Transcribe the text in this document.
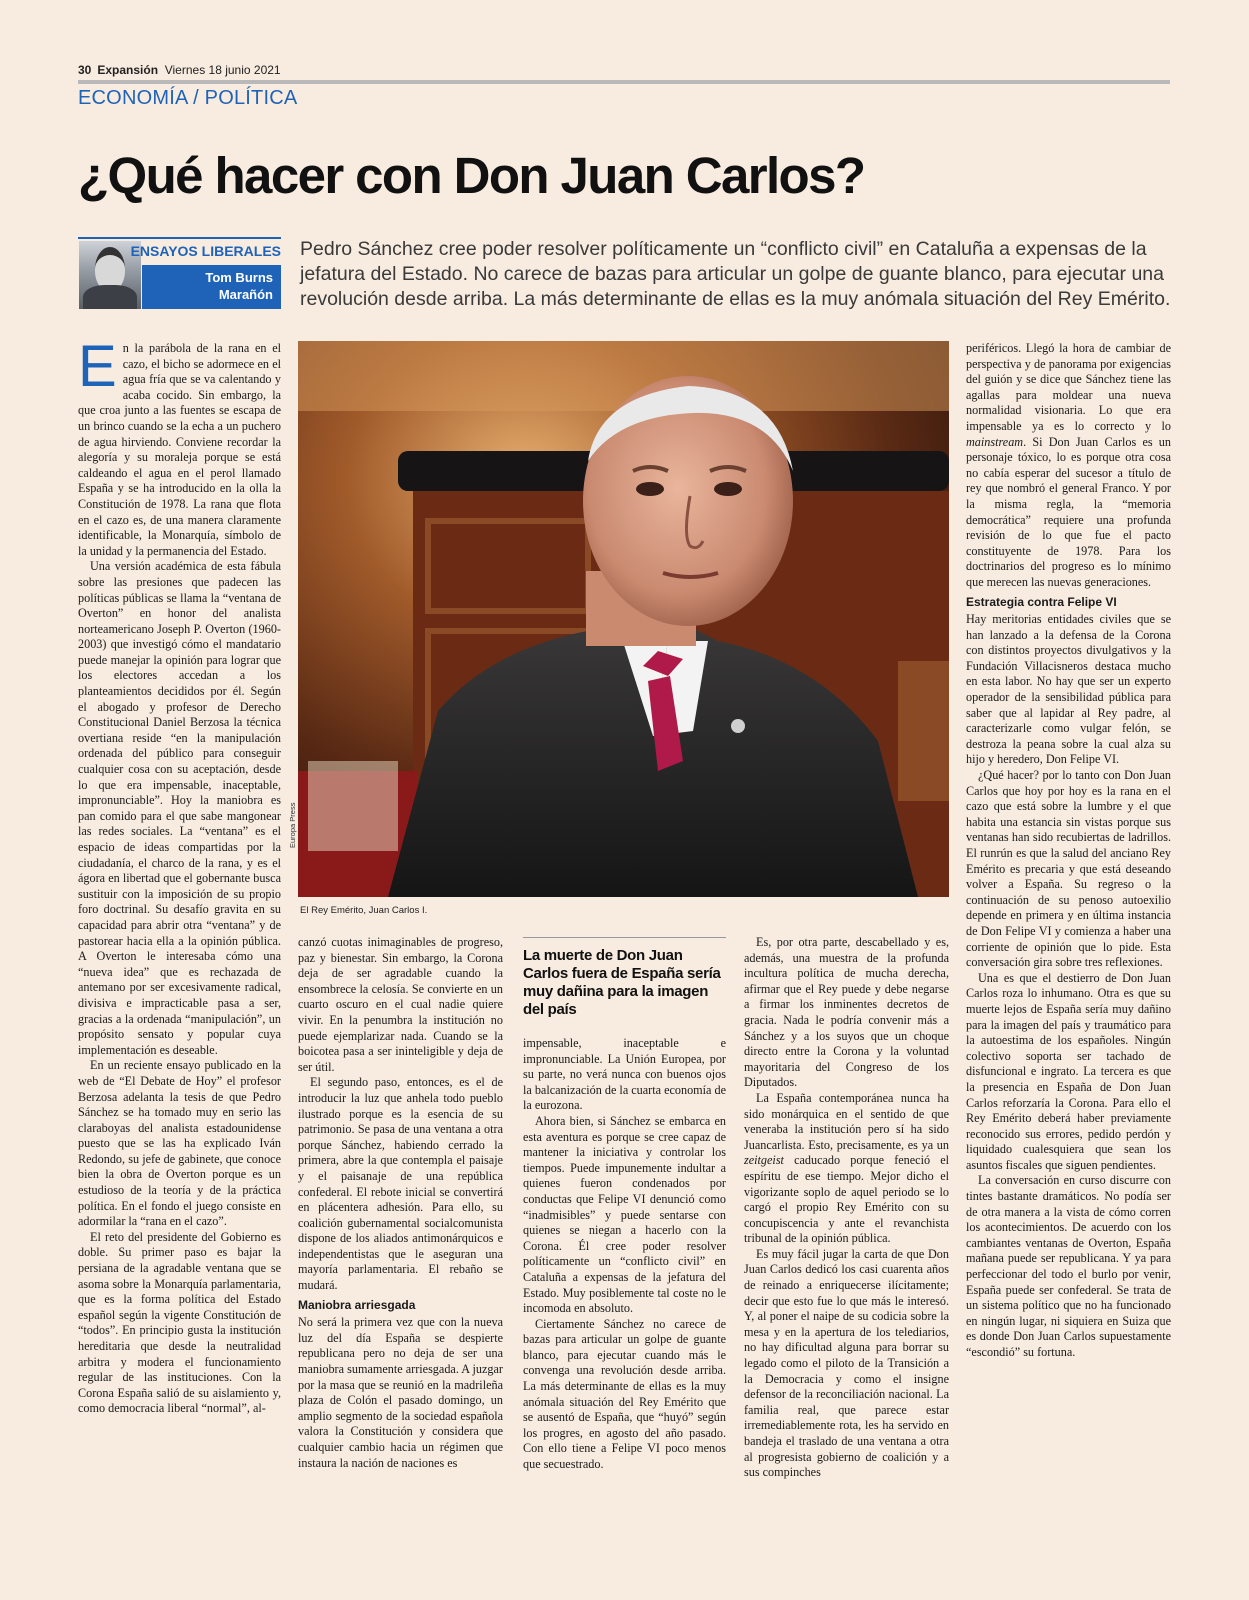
30 Expansión Viernes 18 junio 2021
ECONOMÍA / POLÍTICA
¿Qué hacer con Don Juan Carlos?
ENSAYOS LIBERALES
Tom Burns
Marañón
Pedro Sánchez cree poder resolver políticamente un “conflicto civil” en Cataluña a expensas de la jefatura del Estado. No carece de bazas para articular un golpe de guante blanco, para ejecutar una revolución desde arriba. La más determinante de ellas es la muy anómala situación del Rey Emérito.

En la parábola de la rana en el cazo, el bicho se adormece en el agua fría que se va calentando y acaba cocido. Sin embargo, la que croa junto a las fuentes se escapa de un brinco cuando se la echa a un puchero de agua hirviendo. Conviene recordar la alegoría y su moraleja porque se está caldeando el agua en el perol llamado España y se ha introducido en la olla la Constitución de 1978. La rana que flota en el cazo es, de una manera claramente identificable, la Monarquía, símbolo de la unidad y la permanencia del Estado.

Una versión académica de esta fábula sobre las presiones que padecen las políticas públicas se llama la “ventana de Overton” en honor del analista norteamericano Joseph P. Overton (1960-2003) que investigó cómo el mandatario puede manejar la opinión para lograr que los electores accedan a los planteamientos decididos por él. Según el abogado y profesor de Derecho Constitucional Daniel Berzosa la técnica overtiana reside “en la manipulación ordenada del público para conseguir cualquier cosa con su aceptación, desde lo que era impensable, inaceptable, impronunciable”. Hoy la maniobra es pan comido para el que sabe mangonear las redes sociales. La “ventana” es el espacio de ideas compartidas por la ciudadanía, el charco de la rana, y es el ágora en libertad que el gobernante busca sustituir con la imposición de su propio foro doctrinal. Su desafío gravita en su capacidad para abrir otra “ventana” y de pastorear hacia ella a la opinión pública. A Overton le interesaba cómo una “nueva idea” que es rechazada de antemano por ser excesivamente radical, divisiva e impracticable pasa a ser, gracias a la ordenada “manipulación”, un propósito sensato y popular cuya implementación es deseable.

En un reciente ensayo publicado en la web de “El Debate de Hoy” el profesor Berzosa adelanta la tesis de que Pedro Sánchez se ha tomado muy en serio las claraboyas del analista estadounidense puesto que se las ha explicado Iván Redondo, su jefe de gabinete, que conoce bien la obra de Overton porque es un estudioso de la teoría y de la práctica política. En el fondo el juego consiste en adormilar la “rana en el cazo”.

El reto del presidente del Gobierno es doble. Su primer paso es bajar la persiana de la agradable ventana que se asoma sobre la Monarquía parlamentaria, que es la forma política del Estado español según la vigente Constitución de “todos”. En principio gusta la institución hereditaria que desde la neutralidad arbitra y modera el funcionamiento regular de las instituciones. Con la Corona España salió de su aislamiento y, como democracia liberal “normal”, al-

Europa Press
El Rey Emérito, Juan Carlos I.

canzó cuotas inimaginables de progreso, paz y bienestar. Sin embargo, la Corona deja de ser agradable cuando la ensombrece la celosía. Se convierte en un cuarto oscuro en el cual nadie quiere vivir. En la penumbra la institución no puede ejemplarizar nada. Cuando se la boicotea pasa a ser ininteligible y deja de ser útil.

El segundo paso, entonces, es el de introducir la luz que anhela todo pueblo ilustrado porque es la esencia de su patrimonio. Se pasa de una ventana a otra porque Sánchez, habiendo cerrado la primera, abre la que contempla el paisaje y el paisanaje de una república confederal. El rebote inicial se convertirá en plácentera adhesión. Para ello, su coalición gubernamental socialcomunista dispone de los aliados antimonárquicos e independentistas que le aseguran una mayoría parlamentaria. El rebaño se mudará.

Maniobra arriesgada

No será la primera vez que con la nueva luz del día España se despierte republicana pero no deja de ser una maniobra sumamente arriesgada. A juzgar por la masa que se reunió en la madrileña plaza de Colón el pasado domingo, un amplio segmento de la sociedad española valora la Constitución y considera que cualquier cambio hacia un régimen que instaura la nación de naciones es

La muerte de Don Juan Carlos fuera de España sería muy dañina para la imagen del país

impensable, inaceptable e impronunciable. La Unión Europea, por su parte, no verá nunca con buenos ojos la balcanización de la cuarta economía de la eurozona.

Ahora bien, si Sánchez se embarca en esta aventura es porque se cree capaz de mantener la iniciativa y controlar los tiempos. Puede impunemente indultar a quienes fueron condenados por conductas que Felipe VI denunció como “inadmisibles” y puede sentarse con quienes se niegan a hacerlo con la Corona. Él cree poder resolver políticamente un “conflicto civil” en Cataluña a expensas de la jefatura del Estado. Muy posiblemente tal coste no le incomoda en absoluto.

Ciertamente Sánchez no carece de bazas para articular un golpe de guante blanco, para ejecutar cuando más le convenga una revolución desde arriba. La más determinante de ellas es la muy anómala situación del Rey Emérito que se ausentó de España, que “huyó” según los progres, en agosto del año pasado. Con ello tiene a Felipe VI poco menos que secuestrado.

Es, por otra parte, descabellado y es, además, una muestra de la profunda incultura política de mucha derecha, afirmar que el Rey puede y debe negarse a firmar los inminentes decretos de gracia. Nada le podría convenir más a Sánchez y a los suyos que un choque directo entre la Corona y la voluntad mayoritaria del Congreso de los Diputados.

La España contemporánea nunca ha sido monárquica en el sentido de que veneraba la institución pero sí ha sido Juancarlista. Esto, precisamente, es ya un zeitgeist caducado porque feneció el espíritu de ese tiempo. Mejor dicho el vigorizante soplo de aquel periodo se lo cargó el propio Rey Emérito con su concupiscencia y ante el revanchista tribunal de la opinión pública.

Es muy fácil jugar la carta de que Don Juan Carlos dedicó los casi cuarenta años de reinado a enriquecerse ilícitamente; decir que esto fue lo que más le interesó. Y, al poner el naipe de su codicia sobre la mesa y en la apertura de los telediarios, no hay dificultad alguna para borrar su legado como el piloto de la Transición a la Democracia y como el insigne defensor de la reconciliación nacional. La familia real, que parece estar irremediablemente rota, les ha servido en bandeja el traslado de una ventana a otra al progresista gobierno de coalición y a sus compinches

periféricos. Llegó la hora de cambiar de perspectiva y de panorama por exigencias del guión y se dice que Sánchez tiene las agallas para moldear una nueva normalidad visionaria. Lo que era impensable ya es lo correcto y lo mainstream. Si Don Juan Carlos es un personaje tóxico, lo es porque otra cosa no cabía esperar del sucesor a título de rey que nombró el general Franco. Y por la misma regla, la “memoria democrática” requiere una profunda revisión de lo que fue el pacto constituyente de 1978. Para los doctrinarios del progreso es lo mínimo que merecen las nuevas generaciones.

Estrategia contra Felipe VI

Hay meritorias entidades civiles que se han lanzado a la defensa de la Corona con distintos proyectos divulgativos y la Fundación Villacisneros destaca mucho en esta labor. No hay que ser un experto operador de la sensibilidad pública para saber que al lapidar al Rey padre, al caracterizarle como vulgar felón, se destroza la peana sobre la cual alza su hijo y heredero, Don Felipe VI.

¿Qué hacer? por lo tanto con Don Juan Carlos que hoy por hoy es la rana en el cazo que está sobre la lumbre y el que habita una estancia sin vistas porque sus ventanas han sido recubiertas de ladrillos. El runrún es que la salud del anciano Rey Emérito es precaria y que está deseando volver a España. Su regreso o la continuación de su penoso autoexilio depende en primera y en última instancia de Don Felipe VI y comienza a haber una corriente de opinión que lo pide. Esta conversación gira sobre tres reflexiones.

Una es que el destierro de Don Juan Carlos roza lo inhumano. Otra es que su muerte lejos de España sería muy dañino para la imagen del país y traumático para la autoestima de los españoles. Ningún colectivo soporta ser tachado de disfuncional e ingrato. La tercera es que la presencia en España de Don Juan Carlos reforzaría la Corona. Para ello el Rey Emérito deberá haber previamente reconocido sus errores, pedido perdón y liquidado cualesquiera que sean los asuntos fiscales que siguen pendientes.

La conversación en curso discurre con tintes bastante dramáticos. No podía ser de otra manera a la vista de cómo corren los acontecimientos. De acuerdo con los cambiantes ventanas de Overton, España mañana puede ser republicana. Y ya para perfeccionar del todo el burlo por venir, España puede ser confederal. Se trata de un sistema político que no ha funcionado en ningún lugar, ni siquiera en Suiza que es donde Don Juan Carlos supuestamente “escondió” su fortuna.
